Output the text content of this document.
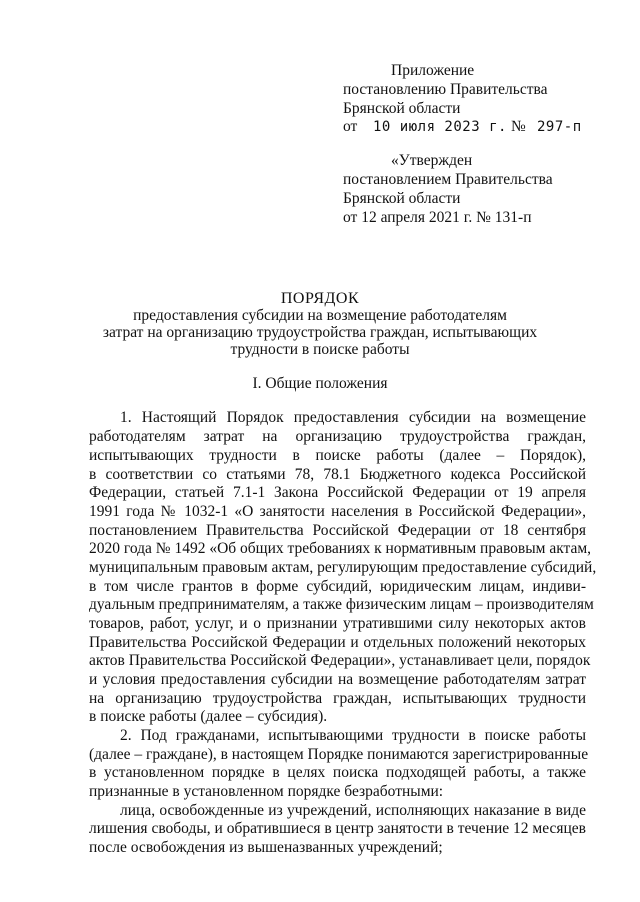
Приложение
постановлению Правительства
Брянской области
от 10 июля 2023 г. № 297-п
«Утвержден
постановлением Правительства
Брянской области
от 12 апреля 2021 г. № 131-п
ПОРЯДОК
предоставления субсидии на возмещение работодателям
затрат на организацию трудоустройства граждан, испытывающих
трудности в поиске работы
I. Общие положения
1. Настоящий Порядок предоставления субсидии на возмещение
работодателям затрат на организацию трудоустройства граждан,
испытывающих трудности в поиске работы (далее – Порядок),
в соответствии со статьями 78, 78.1 Бюджетного кодекса Российской
Федерации, статьей 7.1-1 Закона Российской Федерации от 19 апреля
1991 года № 1032-1 «О занятости населения в Российской Федерации»,
постановлением Правительства Российской Федерации от 18 сентября
2020 года № 1492 «Об общих требованиях к нормативным правовым актам,
муниципальным правовым актам, регулирующим предоставление субсидий,
в том числе грантов в форме субсидий, юридическим лицам, индиви-
дуальным предпринимателям, а также физическим лицам – производителям
товаров, работ, услуг, и о признании утратившими силу некоторых актов
Правительства Российской Федерации и отдельных положений некоторых
актов Правительства Российской Федерации», устанавливает цели, порядок
и условия предоставления субсидии на возмещение работодателям затрат
на организацию трудоустройства граждан, испытывающих трудности
в поиске работы (далее – субсидия).
2. Под гражданами, испытывающими трудности в поиске работы
(далее – граждане), в настоящем Порядке понимаются зарегистрированные
в установленном порядке в целях поиска подходящей работы, а также
признанные в установленном порядке безработными:
лица, освобожденные из учреждений, исполняющих наказание в виде
лишения свободы, и обратившиеся в центр занятости в течение 12 месяцев
после освобождения из вышеназванных учреждений;
